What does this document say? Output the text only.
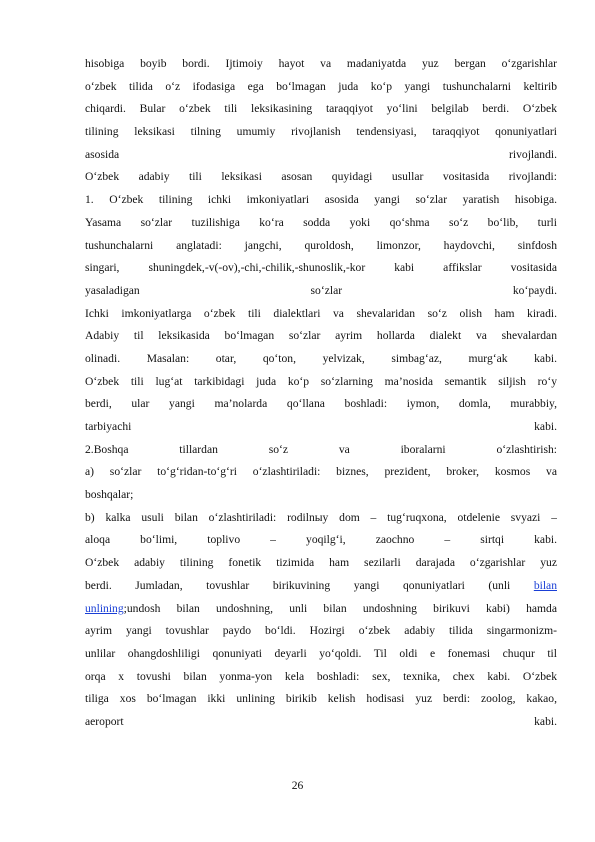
hisobiga boyib bordi. Ijtimoiy hayot va madaniyatda yuz bergan o‘zgarishlar
o‘zbek tilida o‘z ifodasiga ega bo‘lmagan juda ko‘p yangi tushunchalarni keltirib
chiqardi. Bular o‘zbek tili leksikasining taraqqiyot yo‘lini belgilab berdi. O‘zbek
tilining leksikasi tilning umumiy rivojlanish tendensiyasi, taraqqiyot qonuniyatlari
asosida rivojlandi.
O‘zbek adabiy tili leksikasi asosan quyidagi usullar vositasida rivojlandi:
1. O‘zbek tilining ichki imkoniyatlari asosida yangi so‘zlar yaratish hisobiga.
Yasama so‘zlar tuzilishiga ko‘ra sodda yoki qo‘shma so‘z bo‘lib, turli
tushunchalarni anglatadi: jangchi, quroldosh, limonzor, haydovchi, sinfdosh
singari, shuningdek,-v(-ov),-chi,-chilik,-shunoslik,-kor kabi affikslar vositasida
yasaladigan so‘zlar ko‘paydi.
Ichki imkoniyatlarga o‘zbek tili dialektlari va shevalaridan so‘z olish ham kiradi.
Adabiy til leksikasida bo‘lmagan so‘zlar ayrim hollarda dialekt va shevalardan
olinadi. Masalan: otar, qo‘ton, yelvizak, simbag‘az, murg‘ak kabi.
O‘zbek tili lug‘at tarkibidagi juda ko‘p so‘zlarning ma’nosida semantik siljish ro‘y
berdi, ular yangi ma’nolarda qo‘llana boshladi: iymon, domla, murabbiy,
tarbiyachi kabi.
2.Boshqa tillardan so‘z va iboralarni o‘zlashtirish:
a) so‘zlar to‘g‘ridan-to‘g‘ri o‘zlashtiriladi: biznes, prezident, broker, kosmos va
boshqalar;
b) kalka usuli bilan o‘zlashtiriladi: rodilnыy dom – tug‘ruqxona, otdelenie svyazi –
aloqa bo‘limi, toplivo – yoqilg‘i, zaochno – sirtqi kabi.
O‘zbek adabiy tilining fonetik tizimida ham sezilarli darajada o‘zgarishlar yuz
berdi. Jumladan, tovushlar birikuvining yangi qonuniyatlari (unli bilan
unlining;undosh bilan undoshning, unli bilan undoshning birikuvi kabi) hamda
ayrim yangi tovushlar paydo bo‘ldi. Hozirgi o‘zbek adabiy tilida singarmonizm-
unlilar ohangdoshliligi qonuniyati deyarli yo‘qoldi. Til oldi e fonemasi chuqur til
orqa x tovushi bilan yonma-yon kela boshladi: sex, texnika, chex kabi. O‘zbek
tiliga xos bo‘lmagan ikki unlining birikib kelish hodisasi yuz berdi: zoolog, kakao,
aeroport kabi.
26
